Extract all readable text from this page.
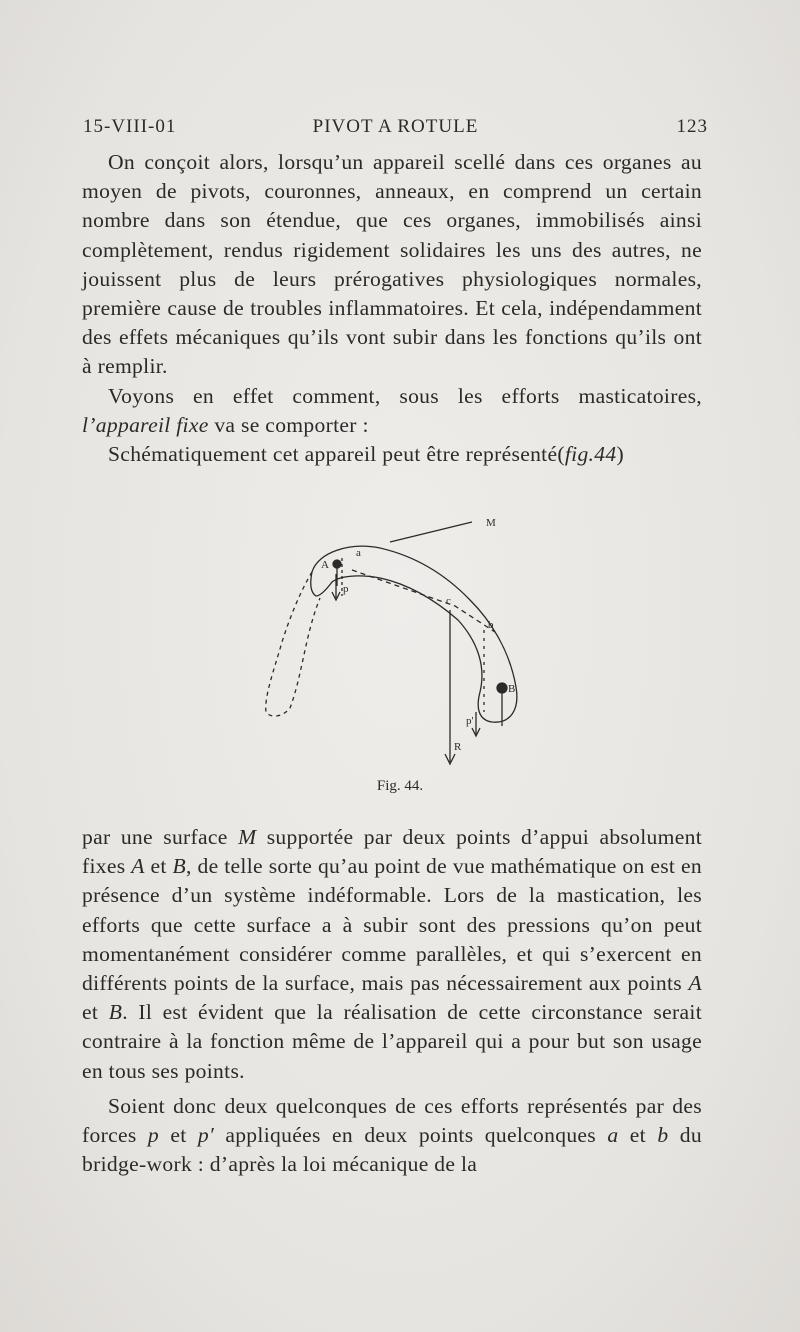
15-VIII-01	PIVOT A ROTULE	123

On conçoit alors, lorsqu’un appareil scellé dans ces organes au moyen de pivots, couronnes, anneaux, en comprend un certain nombre dans son étendue, que ces organes, immobilisés ainsi complètement, rendus rigidement solidaires les uns des autres, ne jouissent plus de leurs prérogatives physiologiques normales, première cause de troubles inflammatoires. Et cela, indépendamment des effets mécaniques qu’ils vont subir dans les fonctions qu’ils ont à remplir.

Voyons en effet comment, sous les efforts masticatoires, l’appareil fixe va se comporter :

Schématiquement cet appareil peut être représenté(fig.44)

M
A
B
R
a
b
c
p
p'
Fig. 44.

par une surface M supportée par deux points d’appui absolument fixes A et B, de telle sorte qu’au point de vue mathématique on est en présence d’un système indéformable. Lors de la mastication, les efforts que cette surface a à subir sont des pressions qu’on peut momentanément considérer comme parallèles, et qui s’exercent en différents points de la surface, mais pas nécessairement aux points A et B. Il est évident que la réalisation de cette circonstance serait contraire à la fonction même de l’appareil qui a pour but son usage en tous ses points.

Soient donc deux quelconques de ces efforts représentés par des forces p et p′ appliquées en deux points quelconques a et b du bridge-work : d’après la loi mécanique de la
